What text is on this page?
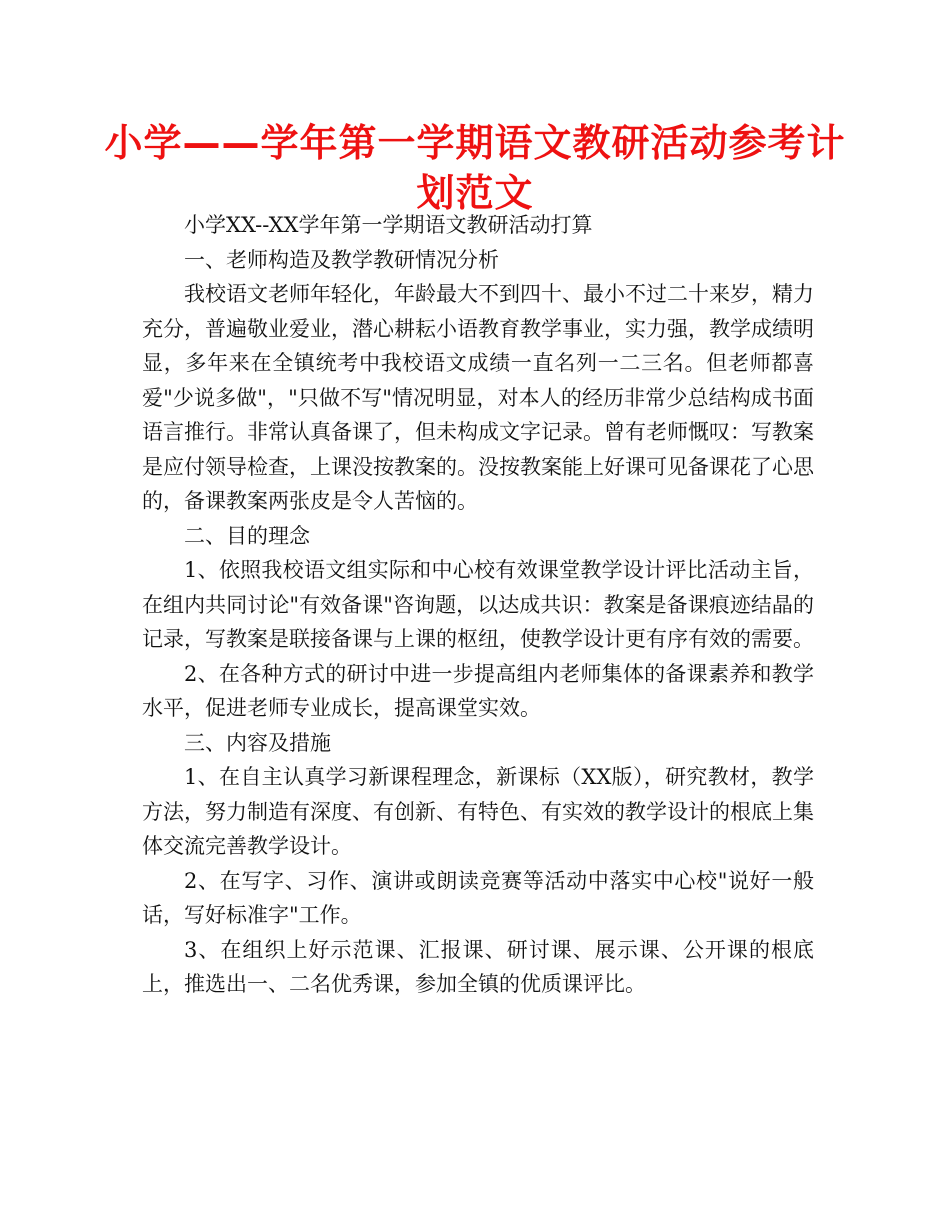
小学——学年第一学期语文教研活动参考计划范文

小学XX--XX学年第一学期语文教研活动打算

一、老师构造及教学教研情况分析

我校语文老师年轻化，年龄最大不到四十、最小不过二十来岁，精力充分，普遍敬业爱业，潜心耕耘小语教育教学事业，实力强，教学成绩明显，多年来在全镇统考中我校语文成绩一直名列一二三名。但老师都喜爱"少说多做"，"只做不写"情况明显，对本人的经历非常少总结构成书面语言推行。非常认真备课了，但未构成文字记录。曾有老师慨叹：写教案是应付领导检查，上课没按教案的。没按教案能上好课可见备课花了心思的，备课教案两张皮是令人苦恼的。

二、目的理念

1、依照我校语文组实际和中心校有效课堂教学设计评比活动主旨，在组内共同讨论"有效备课"咨询题，以达成共识：教案是备课痕迹结晶的记录，写教案是联接备课与上课的枢纽，使教学设计更有序有效的需要。

2、在各种方式的研讨中进一步提高组内老师集体的备课素养和教学水平，促进老师专业成长，提高课堂实效。

三、内容及措施

1、在自主认真学习新课程理念，新课标（XX版），研究教材，教学方法，努力制造有深度、有创新、有特色、有实效的教学设计的根底上集体交流完善教学设计。

2、在写字、习作、演讲或朗读竞赛等活动中落实中心校"说好一般话，写好标准字"工作。

3、在组织上好示范课、汇报课、研讨课、展示课、公开课的根底上，推选出一、二名优秀课，参加全镇的优质课评比。
